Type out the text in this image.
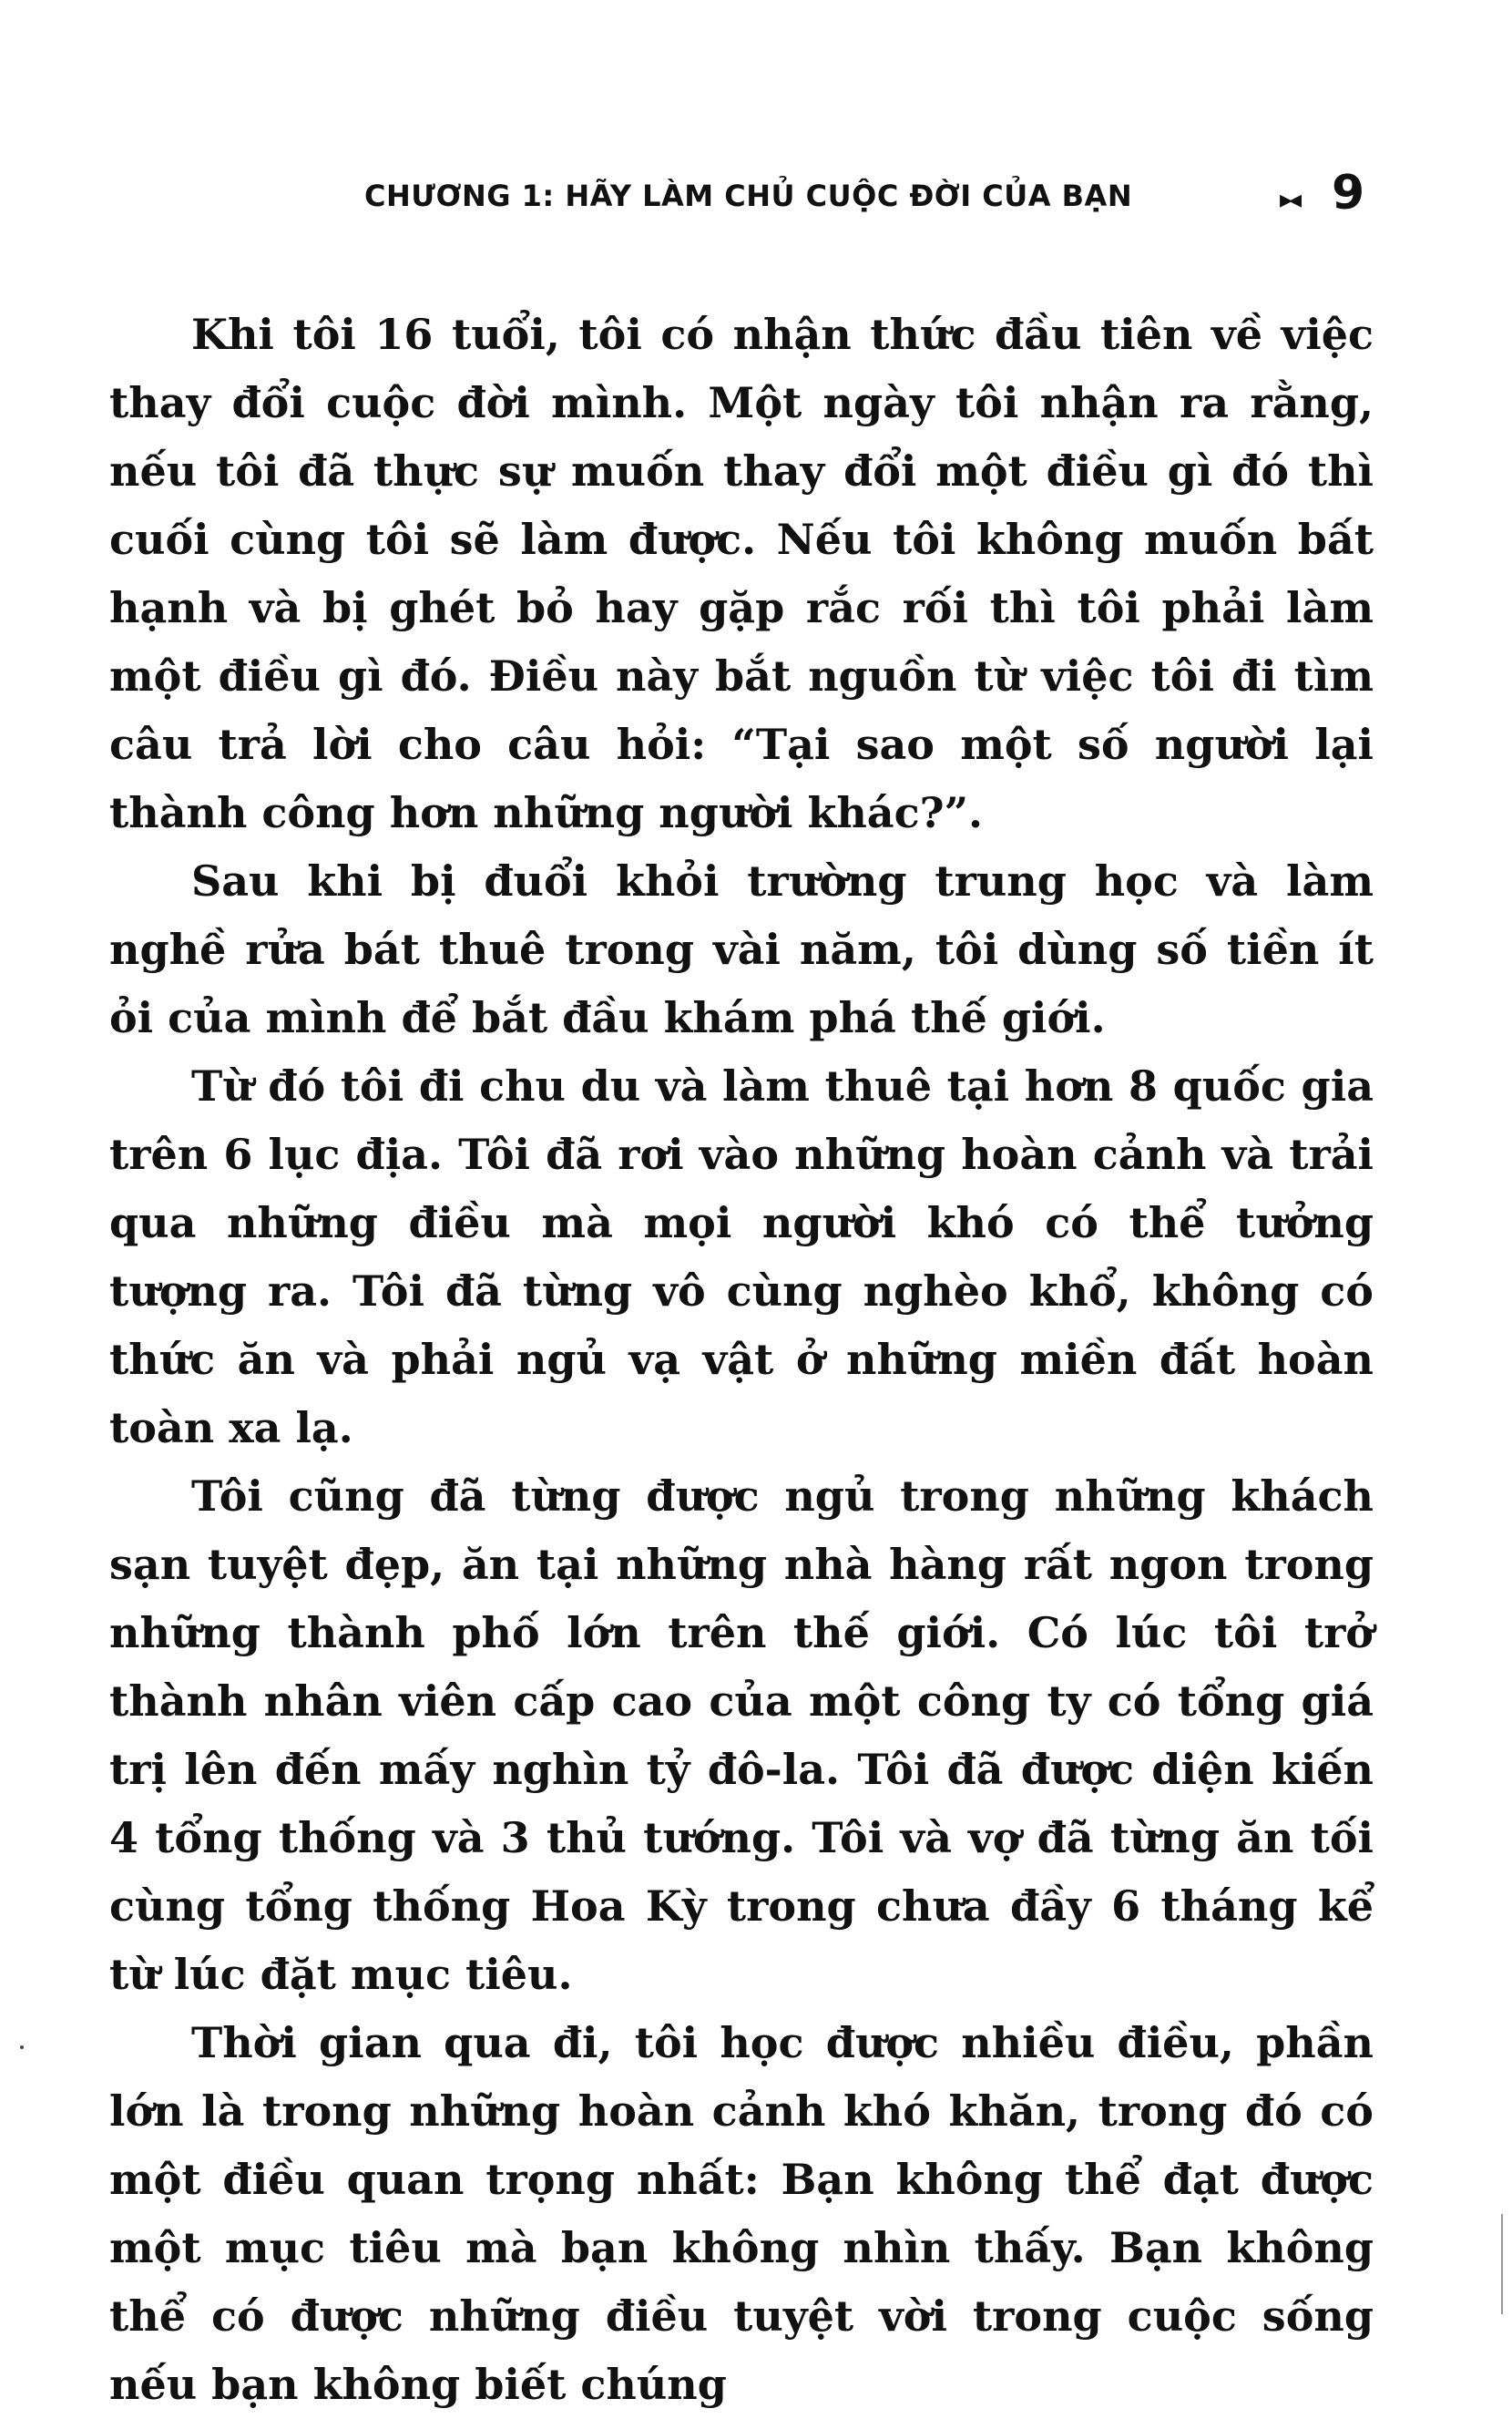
CHƯƠNG 1: HÃY LÀM CHỦ CUỘC ĐỜI CỦA BẠN	▸◂ 9

Khi tôi 16 tuổi, tôi có nhận thức đầu tiên về việc thay đổi cuộc đời mình. Một ngày tôi nhận ra rằng, nếu tôi đã thực sự muốn thay đổi một điều gì đó thì cuối cùng tôi sẽ làm được. Nếu tôi không muốn bất hạnh và bị ghét bỏ hay gặp rắc rối thì tôi phải làm một điều gì đó. Điều này bắt nguồn từ việc tôi đi tìm câu trả lời cho câu hỏi: “Tại sao một số người lại thành công hơn những người khác?”.

Sau khi bị đuổi khỏi trường trung học và làm nghề rửa bát thuê trong vài năm, tôi dùng số tiền ít ỏi của mình để bắt đầu khám phá thế giới.

Từ đó tôi đi chu du và làm thuê tại hơn 8 quốc gia trên 6 lục địa. Tôi đã rơi vào những hoàn cảnh và trải qua những điều mà mọi người khó có thể tưởng tượng ra. Tôi đã từng vô cùng nghèo khổ, không có thức ăn và phải ngủ vạ vật ở những miền đất hoàn toàn xa lạ.

Tôi cũng đã từng được ngủ trong những khách sạn tuyệt đẹp, ăn tại những nhà hàng rất ngon trong những thành phố lớn trên thế giới. Có lúc tôi trở thành nhân viên cấp cao của một công ty có tổng giá trị lên đến mấy nghìn tỷ đô-la. Tôi đã được diện kiến 4 tổng thống và 3 thủ tướng. Tôi và vợ đã từng ăn tối cùng tổng thống Hoa Kỳ trong chưa đầy 6 tháng kể từ lúc đặt mục tiêu.

Thời gian qua đi, tôi học được nhiều điều, phần lớn là trong những hoàn cảnh khó khăn, trong đó có một điều quan trọng nhất: Bạn không thể đạt được một mục tiêu mà bạn không nhìn thấy. Bạn không thể có được những điều tuyệt vời trong cuộc sống nếu bạn không biết chúng
